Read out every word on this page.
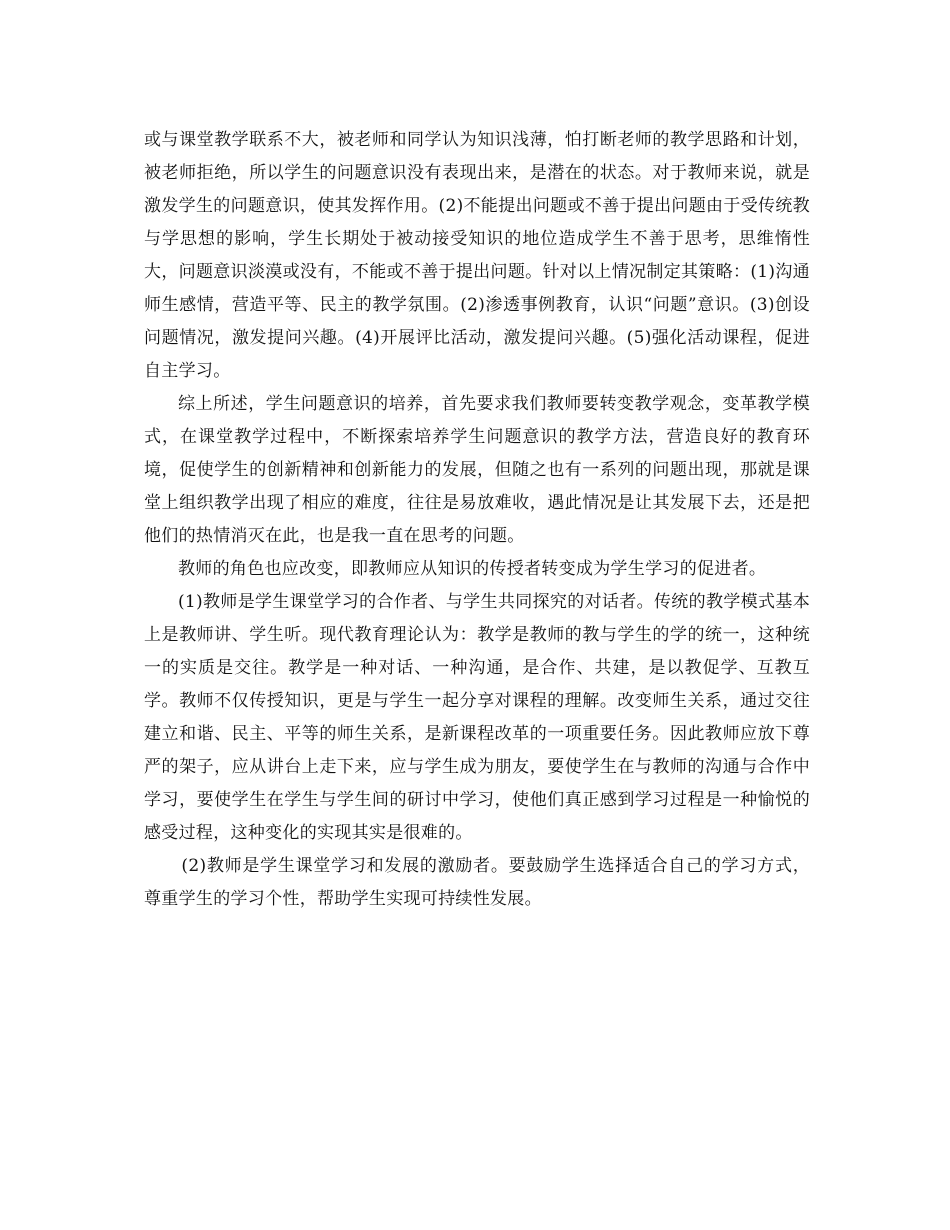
或与课堂教学联系不大，被老师和同学认为知识浅薄，怕打断老师的教学思路和计划，被老师拒绝，所以学生的问题意识没有表现出来，是潜在的状态。对于教师来说，就是激发学生的问题意识，使其发挥作用。(2)不能提出问题或不善于提出问题由于受传统教与学思想的影响，学生长期处于被动接受知识的地位造成学生不善于思考，思维惰性大，问题意识淡漠或没有，不能或不善于提出问题。针对以上情况制定其策略：(1)沟通师生感情，营造平等、民主的教学氛围。(2)渗透事例教育，认识“问题”意识。(3)创设问题情况，激发提问兴趣。(4)开展评比活动，激发提问兴趣。(5)强化活动课程，促进自主学习。

综上所述，学生问题意识的培养，首先要求我们教师要转变教学观念，变革教学模式，在课堂教学过程中，不断探索培养学生问题意识的教学方法，营造良好的教育环境，促使学生的创新精神和创新能力的发展，但随之也有一系列的问题出现，那就是课堂上组织教学出现了相应的难度，往往是易放难收，遇此情况是让其发展下去，还是把他们的热情消灭在此，也是我一直在思考的问题。

教师的角色也应改变，即教师应从知识的传授者转变成为学生学习的促进者。

(1)教师是学生课堂学习的合作者、与学生共同探究的对话者。传统的教学模式基本上是教师讲、学生听。现代教育理论认为：教学是教师的教与学生的学的统一，这种统一的实质是交往。教学是一种对话、一种沟通，是合作、共建，是以教促学、互教互学。教师不仅传授知识，更是与学生一起分享对课程的理解。改变师生关系，通过交往建立和谐、民主、平等的师生关系，是新课程改革的一项重要任务。因此教师应放下尊严的架子，应从讲台上走下来，应与学生成为朋友，要使学生在与教师的沟通与合作中学习，要使学生在学生与学生间的研讨中学习，使他们真正感到学习过程是一种愉悦的感受过程，这种变化的实现其实是很难的。

(2)教师是学生课堂学习和发展的激励者。要鼓励学生选择适合自己的学习方式，尊重学生的学习个性，帮助学生实现可持续性发展。
